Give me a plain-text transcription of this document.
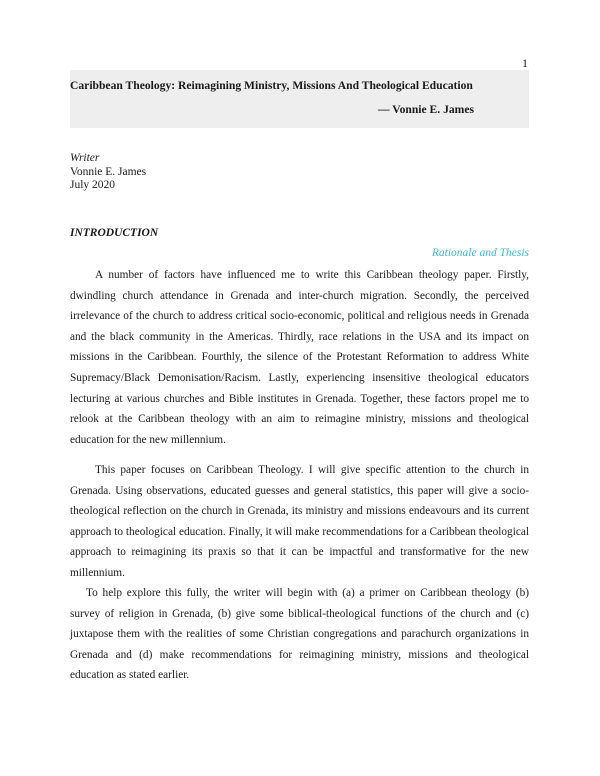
1
Caribbean Theology: Reimagining Ministry, Missions And Theological Education
— Vonnie E. James
Writer
Vonnie E. James
July 2020
INTRODUCTION
Rationale and Thesis

A number of factors have influenced me to write this Caribbean theology paper. Firstly, dwindling church attendance in Grenada and inter-church migration. Secondly, the perceived irrelevance of the church to address critical socio-economic, political and religious needs in Grenada and the black community in the Americas. Thirdly, race relations in the USA and its impact on missions in the Caribbean. Fourthly, the silence of the Protestant Reformation to address White Supremacy/Black Demonisation/Racism. Lastly, experiencing insensitive theological educators lecturing at various churches and Bible institutes in Grenada. Together, these factors propel me to relook at the Caribbean theology with an aim to reimagine ministry, missions and theological education for the new millennium.

This paper focuses on Caribbean Theology. I will give specific attention to the church in Grenada. Using observations, educated guesses and general statistics, this paper will give a socio-theological reflection on the church in Grenada, its ministry and missions endeavours and its current approach to theological education. Finally, it will make recommendations for a Caribbean theological approach to reimagining its praxis so that it can be impactful and transformative for the new millennium.

To help explore this fully, the writer will begin with (a) a primer on Caribbean theology (b) survey of religion in Grenada, (b) give some biblical-theological functions of the church and (c) juxtapose them with the realities of some Christian congregations and parachurch organizations in Grenada and (d) make recommendations for reimagining ministry, missions and theological education as stated earlier.
